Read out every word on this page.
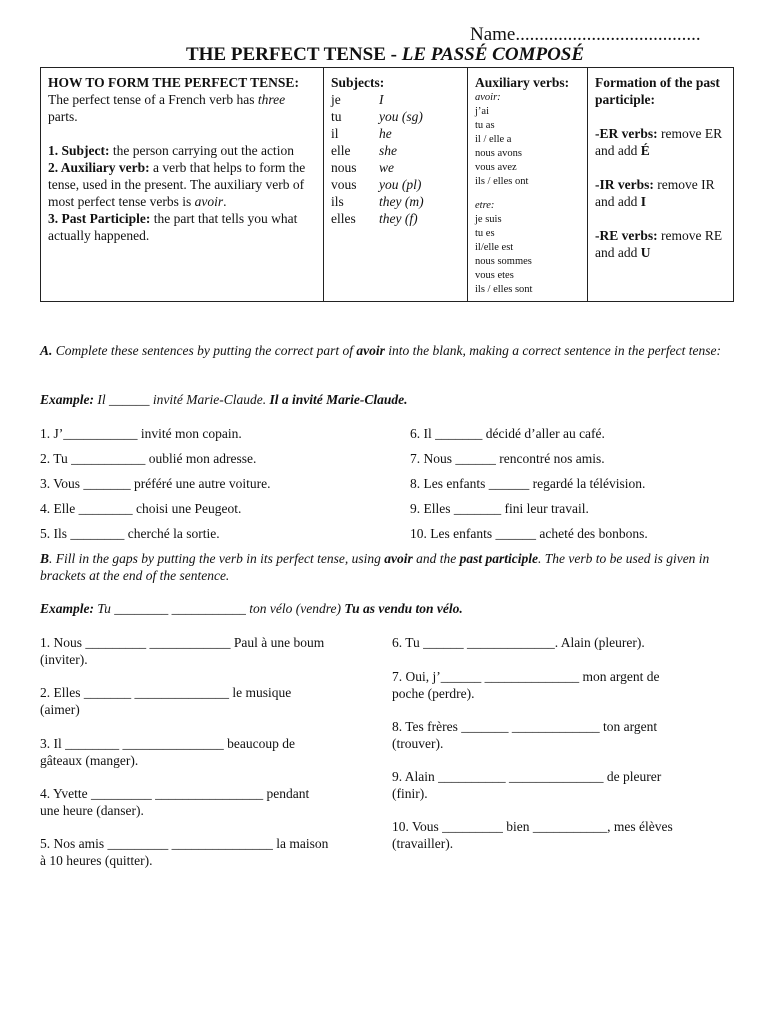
Name.......................................
THE PERFECT TENSE - LE PASSÉ COMPOSÉ
HOW TO FORM THE PERFECT TENSE:
The perfect tense of a French verb has three parts.
1. Subject: the person carrying out the action
2. Auxiliary verb: a verb that helps to form the tense, used in the present. The auxiliary verb of most perfect tense verbs is avoir.
3. Past Participle: the part that tells you what actually happened.

Subjects:
je	I
tu	you (sg)
il	he
elle	she
nous	we
vous	you (pl)
ils	they (m)
elles	they (f)

Auxiliary verbs:
avoir:
j’ai
tu as
il / elle a
nous avons
vous avez
ils / elles ont
etre:
je suis
tu es
il/elle est
nous sommes
vous etes
ils / elles sont

Formation of the past participle:
-ER verbs: remove ER and add É
-IR verbs: remove IR and add I
-RE verbs: remove RE and add U
A. Complete these sentences by putting the correct part of avoir into the blank, making a correct sentence in the perfect tense:
Example: Il ______ invité Marie-Claude. Il a invité Marie-Claude.
1. J’___________ invité mon copain.
2. Tu ___________ oublié mon adresse.
3. Vous _______ préféré une autre voiture.
4. Elle ________ choisi une Peugeot.
5. Ils ________ cherché la sortie.
6. Il _______ décidé d’aller au café.
7. Nous ______ rencontré nos amis.
8. Les enfants ______ regardé la télévision.
9. Elles _______ fini leur travail.
10. Les enfants ______ acheté des bonbons.
B. Fill in the gaps by putting the verb in its perfect tense, using avoir and the past participle. The verb to be used is given in brackets at the end of the sentence.
Example: Tu ________ ___________ ton vélo (vendre) Tu as vendu ton vélo.
1. Nous _________ ____________ Paul à une boum
(inviter).
2. Elles _______ ______________ le musique
(aimer)
3. Il ________ _______________ beaucoup de
gâteaux (manger).
4. Yvette _________ ________________ pendant
une heure (danser).
5. Nos amis _________ _______________ la maison
à 10 heures (quitter).
6. Tu ______ _____________. Alain (pleurer).
7. Oui, j’______ ______________ mon argent de
poche (perdre).
8. Tes frères _______ _____________ ton argent
(trouver).
9. Alain __________ ______________ de pleurer
(finir).
10. Vous _________ bien ___________, mes élèves
(travailler).
